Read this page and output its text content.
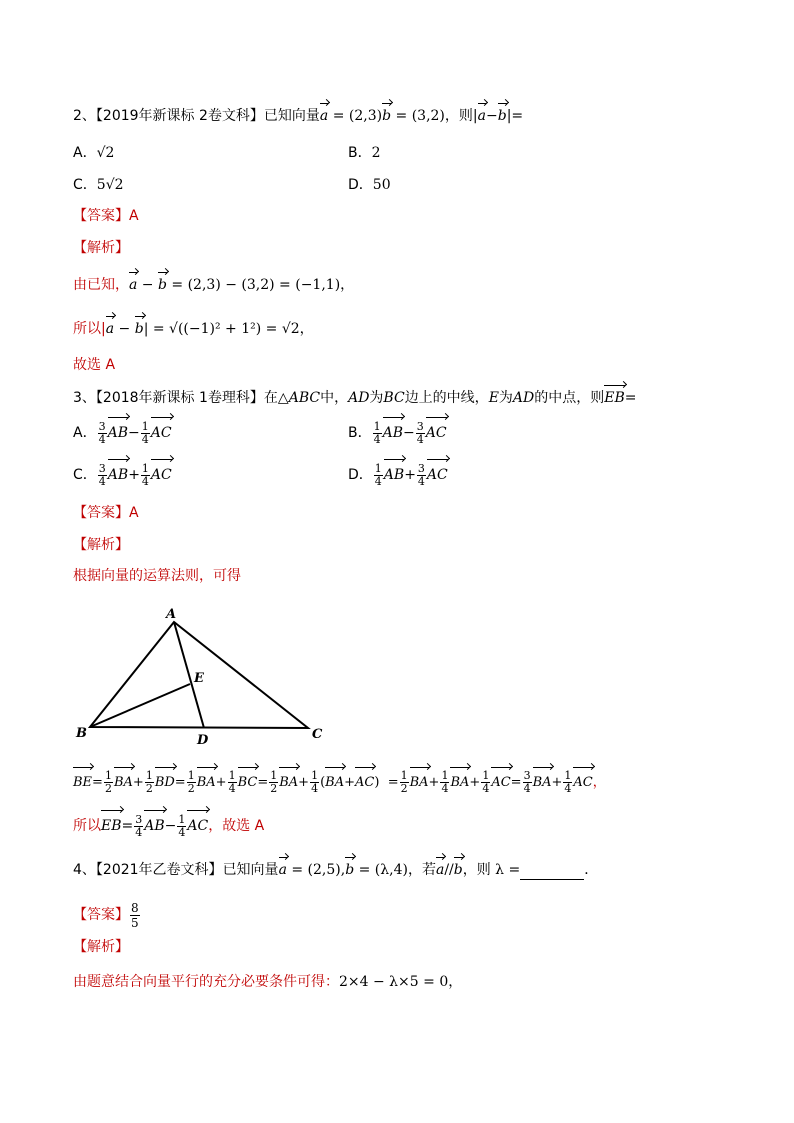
2、【2019年新课标 2卷文科】已知向量a = (2,3)b = (3,2)，则|a−b|=
A．√2	B．2
C．5√2	D．50
【答案】A
【解析】
由已知，a − b = (2,3) − (3,2) = (−1,1)，
所以|a − b| = √((−1)² + 1²) = √2，
故选 A
3、【2018年新课标 1卷理科】在△ABC中，AD为BC边上的中线，E为AD的中点，则EB=
A． $\frac{3}{4} AB- \frac{1}{4}$ AC	B． $\frac{1}{4} AB- \frac{3}{4}$ AC
C． $\frac{3}{4} AB+ \frac{1}{4}$ AC	D． $\frac{1}{4} AB+ \frac{3}{4}$ AC
【答案】A
【解析】
根据向量的运算法则，可得
A
B	C
D
E
$BE= \frac{1}{2} BA+ \frac{1}{2} BD= \frac{1}{2} BA+ \frac{1}{4} BC= \frac{1}{2} BA+ \frac{1}{4} (BA+AC) = \frac{1}{2} BA+ \frac{1}{4} BA+ \frac{1}{4} AC= \frac{3}{4} BA+ \frac{1}{4}$ AC，
所以$EB= \frac{3}{4} AB- \frac{1}{4}$ AC，故选 A
4、【2021年乙卷文科】已知向量a = (2,5),b = (λ,4)，若a//b，则 λ =	．
【答案】 $\frac{8}{5}$
【解析】
由题意结合向量平行的充分必要条件可得：2×4 − λ×5 = 0，
